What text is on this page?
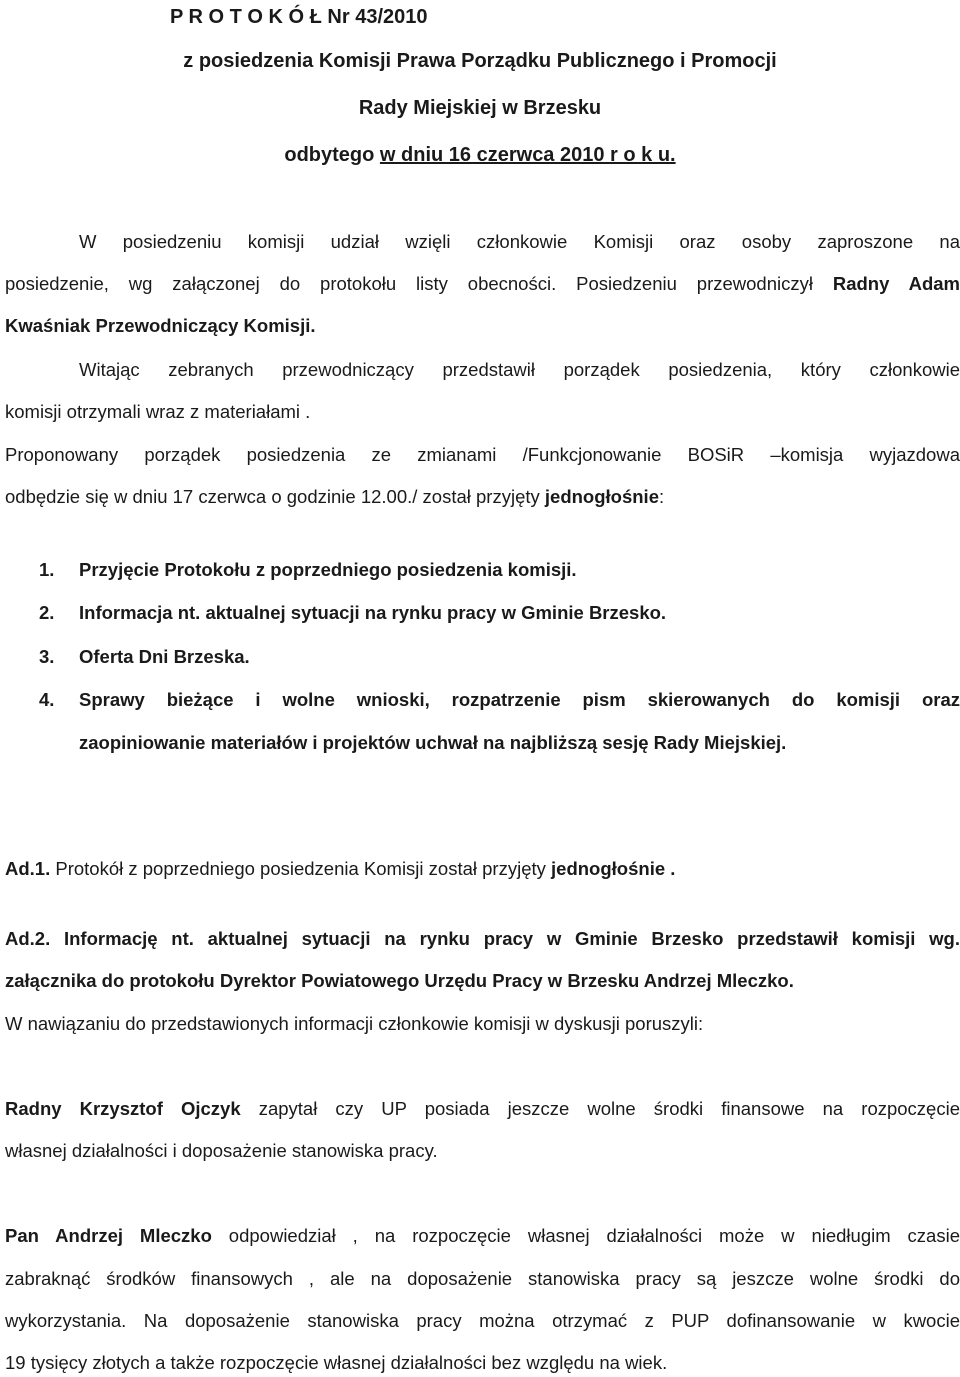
P R O T O K Ó Ł Nr 43/2010
z posiedzenia Komisji Prawa Porządku Publicznego i Promocji
Rady Miejskiej w Brzesku
odbytego w dniu 16 czerwca 2010 r o k u.
W posiedzeniu komisji udział wzięli członkowie Komisji oraz osoby zaproszone na
posiedzenie, wg załączonej do protokołu listy obecności. Posiedzeniu przewodniczył Radny Adam
Kwaśniak Przewodniczący Komisji.
Witając zebranych przewodniczący przedstawił porządek posiedzenia, który członkowie
komisji otrzymali wraz z materiałami .
Proponowany porządek posiedzenia ze zmianami /Funkcjonowanie BOSiR –komisja wyjazdowa
odbędzie się w dniu 17 czerwca o godzinie 12.00./ został przyjęty jednogłośnie:
1.	Przyjęcie Protokołu z poprzedniego posiedzenia komisji.
2.	Informacja nt. aktualnej sytuacji na rynku pracy w Gminie Brzesko.
3.	Oferta Dni Brzeska.
4.	Sprawy bieżące i wolne wnioski, rozpatrzenie pism skierowanych do komisji oraz
zaopiniowanie materiałów i projektów uchwał na najbliższą sesję Rady Miejskiej.
Ad.1. Protokół z poprzedniego posiedzenia Komisji został przyjęty jednogłośnie .
Ad.2. Informację nt. aktualnej sytuacji na rynku pracy w Gminie Brzesko przedstawił komisji wg.
załącznika do protokołu Dyrektor Powiatowego Urzędu Pracy w Brzesku Andrzej Mleczko.
W nawiązaniu do przedstawionych informacji członkowie komisji w dyskusji poruszyli:
Radny Krzysztof Ojczyk zapytał czy UP posiada jeszcze wolne środki finansowe na rozpoczęcie
własnej działalności i doposażenie stanowiska pracy.
Pan Andrzej Mleczko odpowiedział , na rozpoczęcie własnej działalności może w niedługim czasie
zabraknąć środków finansowych , ale na doposażenie stanowiska pracy są jeszcze wolne środki do
wykorzystania. Na doposażenie stanowiska pracy można otrzymać z PUP dofinansowanie w kwocie
19 tysięcy złotych a także rozpoczęcie własnej działalności bez względu na wiek.
